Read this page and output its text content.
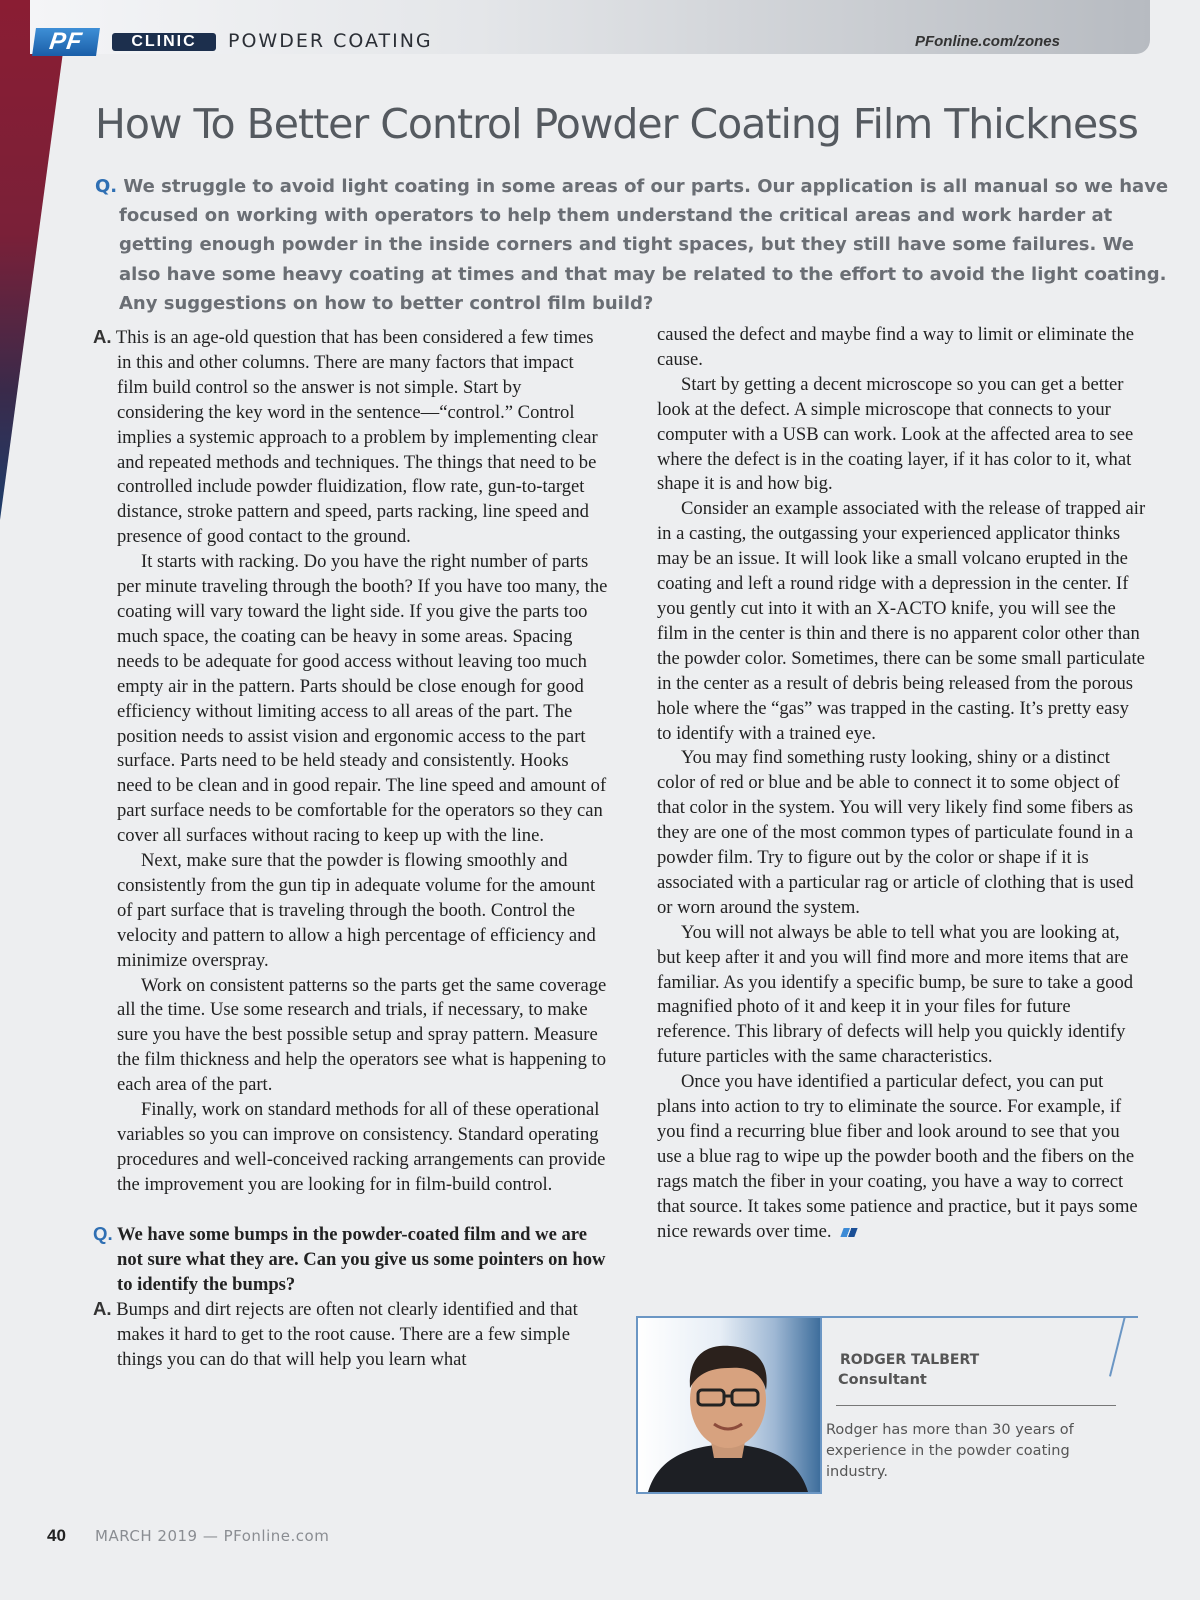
PF	CLINIC	POWDER COATING	PFonline.com/zones
How To Better Control Powder Coating Film Thickness
Q. We struggle to avoid light coating in some areas of our parts. Our application is all manual so we have focused on working with operators to help them understand the critical areas and work harder at getting enough powder in the inside corners and tight spaces, but they still have some failures. We also have some heavy coating at times and that may be related to the effort to avoid the light coating. Any suggestions on how to better control film build?

A. This is an age-old question that has been considered a few times in this and other columns. There are many factors that impact film build control so the answer is not simple. Start by considering the key word in the sentence—“control.” Control implies a systemic approach to a problem by implementing clear and repeated methods and techniques. The things that need to be controlled include powder fluidization, flow rate, gun-to-target distance, stroke pattern and speed, parts racking, line speed and presence of good contact to the ground.

It starts with racking. Do you have the right number of parts per minute traveling through the booth? If you have too many, the coating will vary toward the light side. If you give the parts too much space, the coating can be heavy in some areas. Spacing needs to be adequate for good access without leaving too much empty air in the pattern. Parts should be close enough for good efficiency without limiting access to all areas of the part. The position needs to assist vision and ergonomic access to the part surface. Parts need to be held steady and consistently. Hooks need to be clean and in good repair. The line speed and amount of part surface needs to be comfortable for the operators so they can cover all surfaces without racing to keep up with the line.

Next, make sure that the powder is flowing smoothly and consistently from the gun tip in adequate volume for the amount of part surface that is traveling through the booth. Control the velocity and pattern to allow a high percentage of efficiency and minimize overspray.

Work on consistent patterns so the parts get the same coverage all the time. Use some research and trials, if necessary, to make sure you have the best possible setup and spray pattern. Measure the film thickness and help the operators see what is happening to each area of the part.

Finally, work on standard methods for all of these operational variables so you can improve on consistency. Standard operating procedures and well-conceived racking arrangements can provide the improvement you are looking for in film-build control.

Q. We have some bumps in the powder-coated film and we are not sure what they are. Can you give us some pointers on how to identify the bumps?

A. Bumps and dirt rejects are often not clearly identified and that makes it hard to get to the root cause. There are a few simple things you can do that will help you learn what

caused the defect and maybe find a way to limit or eliminate the cause.

Start by getting a decent microscope so you can get a better look at the defect. A simple microscope that connects to your computer with a USB can work. Look at the affected area to see where the defect is in the coating layer, if it has color to it, what shape it is and how big.

Consider an example associated with the release of trapped air in a casting, the outgassing your experienced applicator thinks may be an issue. It will look like a small volcano erupted in the coating and left a round ridge with a depression in the center. If you gently cut into it with an X-ACTO knife, you will see the film in the center is thin and there is no apparent color other than the powder color. Sometimes, there can be some small particulate in the center as a result of debris being released from the porous hole where the “gas” was trapped in the casting. It’s pretty easy to identify with a trained eye.

You may find something rusty looking, shiny or a distinct color of red or blue and be able to connect it to some object of that color in the system. You will very likely find some fibers as they are one of the most common types of particulate found in a powder film. Try to figure out by the color or shape if it is associated with a particular rag or article of clothing that is used or worn around the system.

You will not always be able to tell what you are looking at, but keep after it and you will find more and more items that are familiar. As you identify a specific bump, be sure to take a good magnified photo of it and keep it in your files for future reference. This library of defects will help you quickly identify future particles with the same characteristics.

Once you have identified a particular defect, you can put plans into action to try to eliminate the source. For example, if you find a recurring blue fiber and look around to see that you use a blue rag to wipe up the powder booth and the fibers on the rags match the fiber in your coating, you have a way to correct that source. It takes some patience and practice, but it pays some nice rewards over time.

RODGER TALBERT
Consultant
Rodger has more than 30 years of experience in the powder coating industry.
40 MARCH 2019 — PFonline.com
